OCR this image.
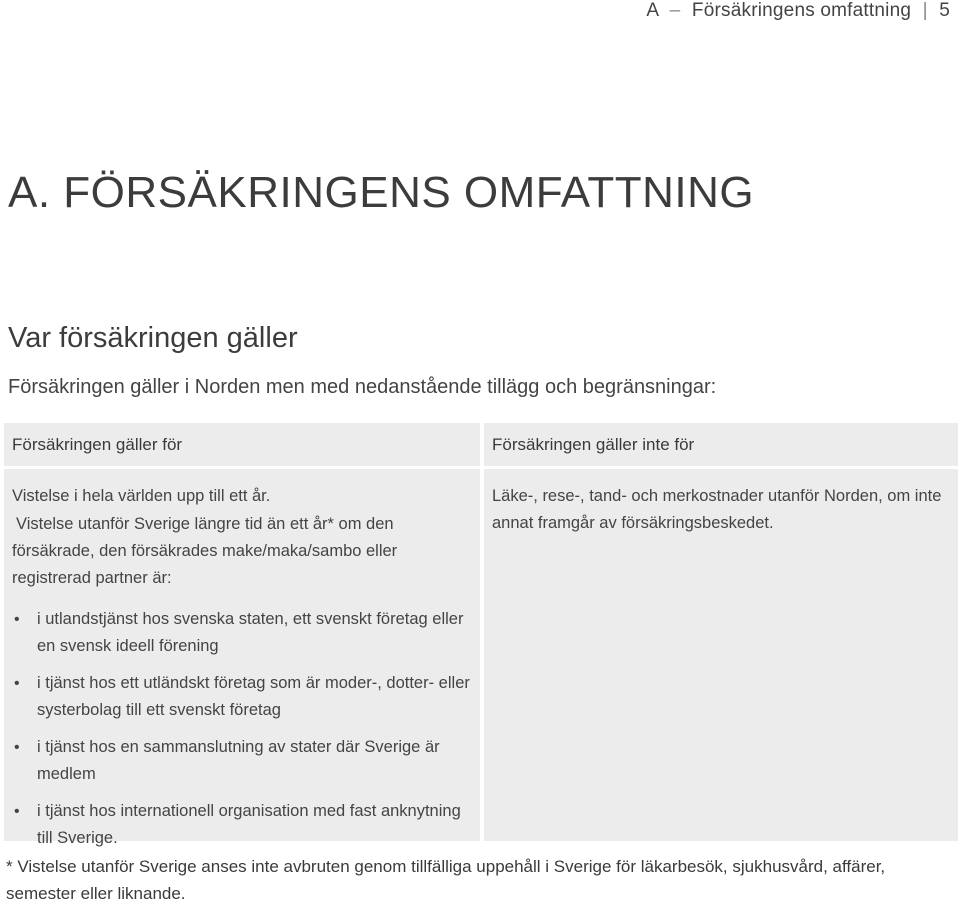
A – Försäkringens omfattning | 5
A. FÖRSÄKRINGENS OMFATTNING
Var försäkringen gäller

Försäkringen gäller i Norden men med nedanstående tillägg och begränsningar:

Försäkringen gäller för

Vistelse i hela världen upp till ett år.

Vistelse utanför Sverige längre tid än ett år* om den försäkrade, den försäkrades make/maka/sambo eller registrerad partner är:

• i utlandstjänst hos svenska staten, ett svenskt företag eller en svensk ideell förening
• i tjänst hos ett utländskt företag som är moder-, dotter- eller systerbolag till ett svenskt företag
• i tjänst hos en sammanslutning av stater där Sverige är medlem
• i tjänst hos internationell organisation med fast anknytning till Sverige.
Försäkringen gäller inte för

Läke-, rese-, tand- och merkostnader utanför Norden, om inte annat framgår av försäkringsbeskedet.

* Vistelse utanför Sverige anses inte avbruten genom tillfälliga uppehåll i Sverige för läkarbesök, sjukhusvård, affärer, semester eller liknande.
